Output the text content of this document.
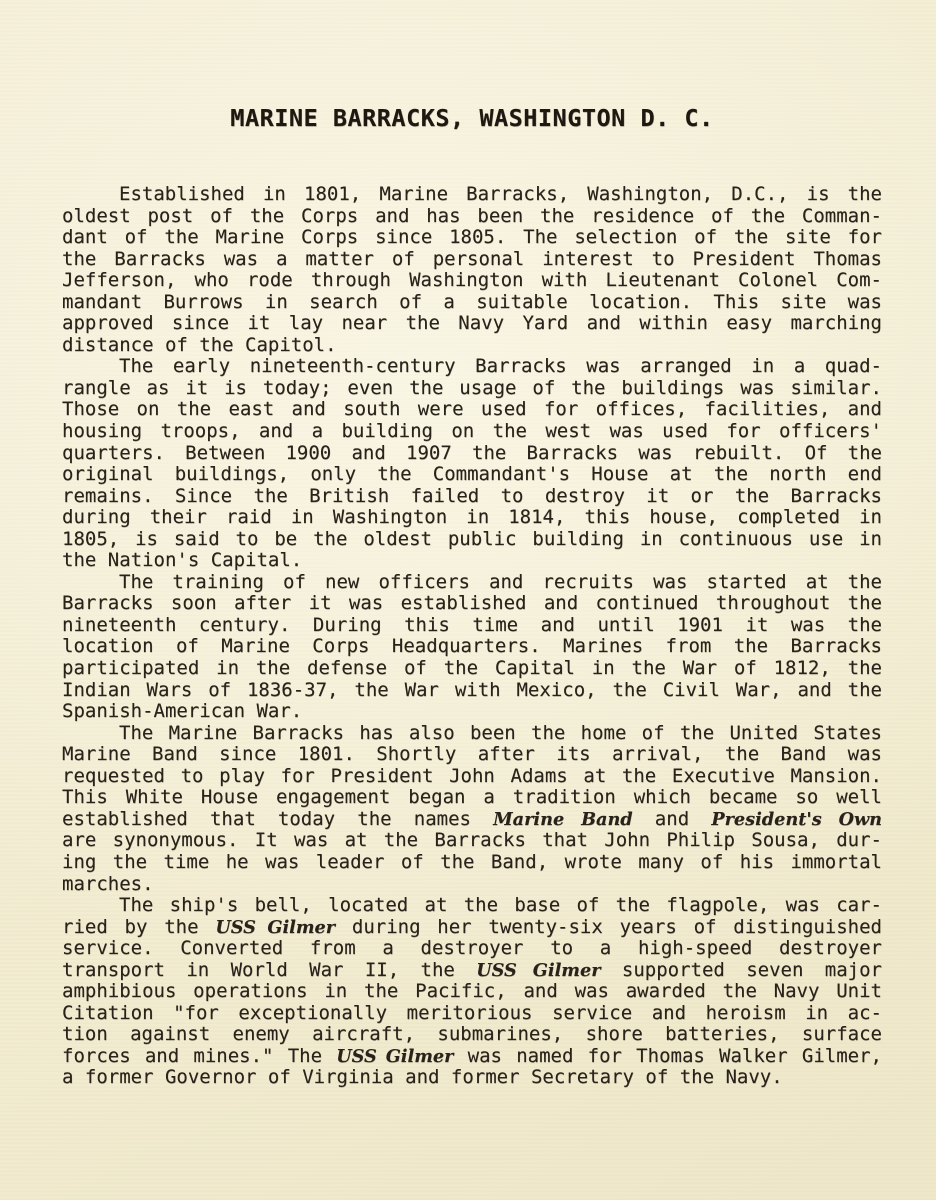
MARINE BARRACKS, WASHINGTON D. C.
Established in 1801, Marine Barracks, Washington, D.C., is the
oldest post of the Corps and has been the residence of the Comman-
dant of the Marine Corps since 1805. The selection of the site for
the Barracks was a matter of personal interest to President Thomas
Jefferson, who rode through Washington with Lieutenant Colonel Com-
mandant Burrows in search of a suitable location. This site was
approved since it lay near the Navy Yard and within easy marching
distance of the Capitol.
The early nineteenth-century Barracks was arranged in a quad-
rangle as it is today; even the usage of the buildings was similar.
Those on the east and south were used for offices, facilities, and
housing troops, and a building on the west was used for officers'
quarters. Between 1900 and 1907 the Barracks was rebuilt. Of the
original buildings, only the Commandant's House at the north end
remains. Since the British failed to destroy it or the Barracks
during their raid in Washington in 1814, this house, completed in
1805, is said to be the oldest public building in continuous use in
the Nation's Capital.
The training of new officers and recruits was started at the
Barracks soon after it was established and continued throughout the
nineteenth century. During this time and until 1901 it was the
location of Marine Corps Headquarters. Marines from the Barracks
participated in the defense of the Capital in the War of 1812, the
Indian Wars of 1836-37, the War with Mexico, the Civil War, and the
Spanish-American War.
The Marine Barracks has also been the home of the United States
Marine Band since 1801. Shortly after its arrival, the Band was
requested to play for President John Adams at the Executive Mansion.
This White House engagement began a tradition which became so well
established that today the names Marine Band and President's Own
are synonymous. It was at the Barracks that John Philip Sousa, dur-
ing the time he was leader of the Band, wrote many of his immortal
marches.
The ship's bell, located at the base of the flagpole, was car-
ried by the USS Gilmer during her twenty-six years of distinguished
service. Converted from a destroyer to a high-speed destroyer
transport in World War II, the USS Gilmer supported seven major
amphibious operations in the Pacific, and was awarded the Navy Unit
Citation "for exceptionally meritorious service and heroism in ac-
tion against enemy aircraft, submarines, shore batteries, surface
forces and mines." The USS Gilmer was named for Thomas Walker Gilmer,
a former Governor of Virginia and former Secretary of the Navy.
